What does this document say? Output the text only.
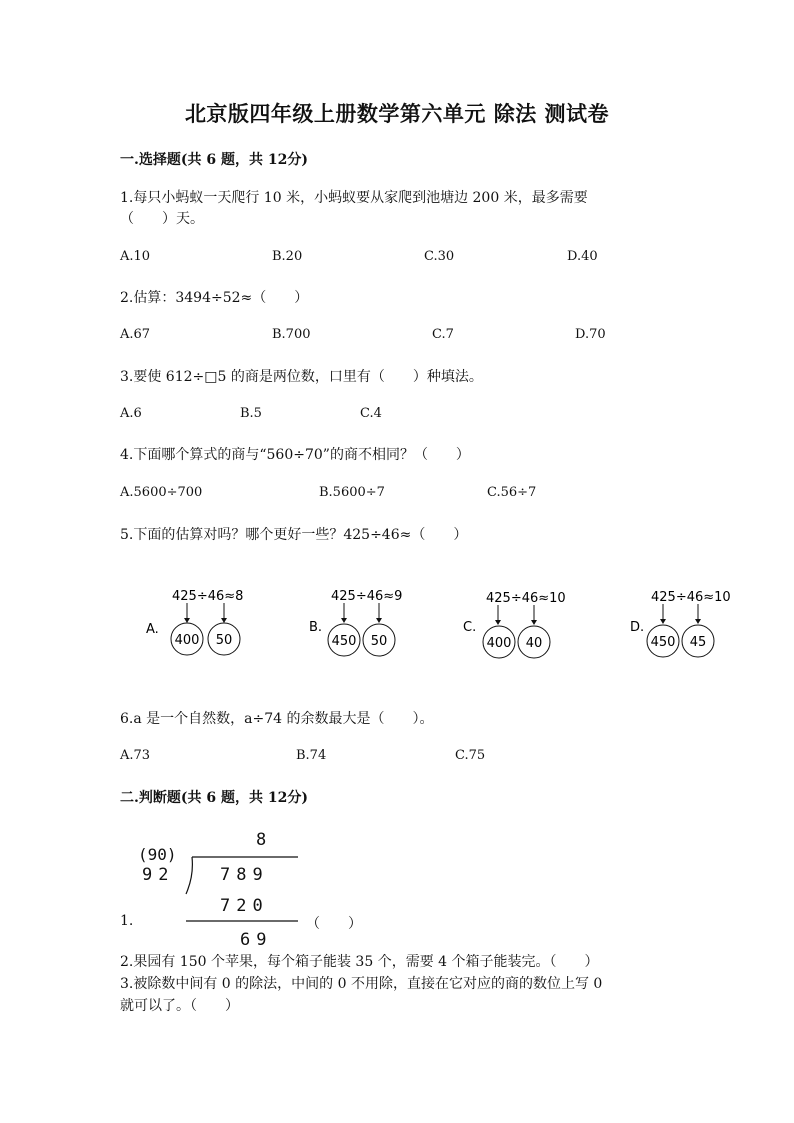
北京版四年级上册数学第六单元 除法 测试卷
一.选择题(共 6 题，共 12分)
1.每只小蚂蚁一天爬行 10 米，小蚂蚁要从家爬到池塘边 200 米，最多需要
（　　）天。
A.10	B.20	C.30	D.40
2.估算：3494÷52≈（　　）
A.67	B.700	C.7	D.70
3.要使 612÷□5 的商是两位数，口里有（　　）种填法。
A.6	B.5	C.4
4.下面哪个算式的商与“560÷70”的商不相同？（　　）
A.5600÷700	B.5600÷7	C.56÷7
5.下面的估算对吗？哪个更好一些？425÷46≈（　　）
A.
425÷46≈8
400 50
B.
425÷46≈9
450 50
C.
425÷46≈10
400 40
D.
425÷46≈10
450 45
6.a 是一个自然数，a÷74 的余数最大是（　　）。
A.73	B.74	C.75
二.判断题(共 6 题，共 12分)
8
(90)
92	789
720
69
1.	（　　）
2.果园有 150 个苹果，每个箱子能装 35 个，需要 4 个箱子能装完。（　　）
3.被除数中间有 0 的除法，中间的 0 不用除，直接在它对应的商的数位上写 0
就可以了。（　　）
